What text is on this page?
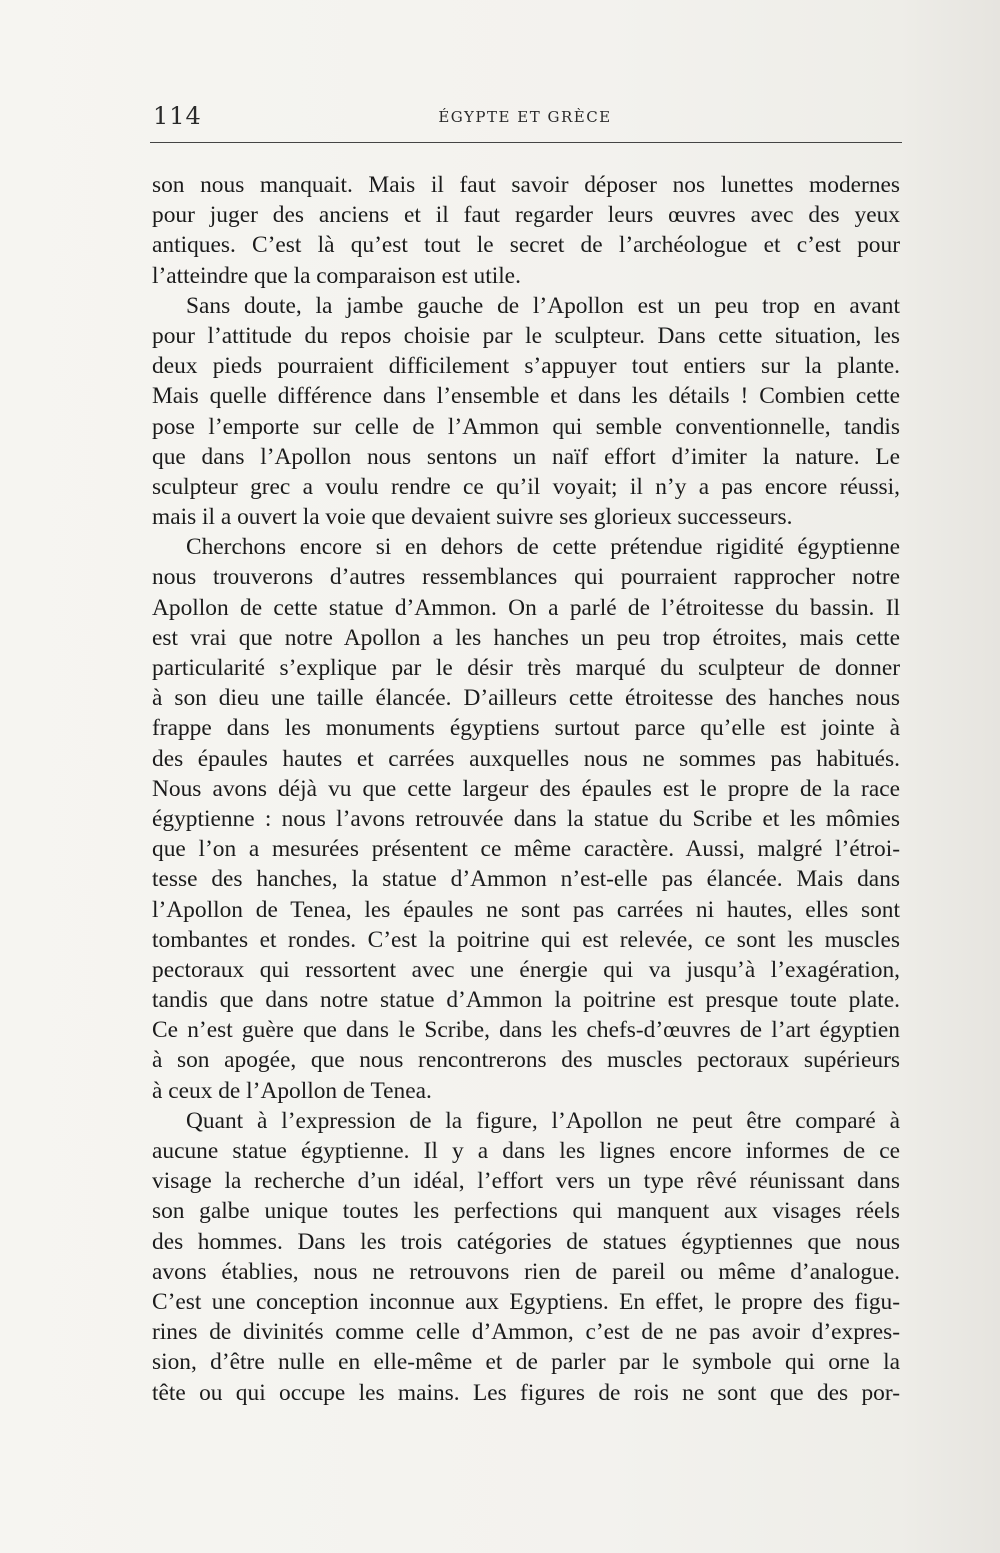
114	ÉGYPTE ET GRÈCE
son nous manquait. Mais il faut savoir déposer nos lunettes modernes
pour juger des anciens et il faut regarder leurs œuvres avec des yeux
antiques. C’est là qu’est tout le secret de l’archéologue et c’est pour
l’atteindre que la comparaison est utile.
Sans doute, la jambe gauche de l’Apollon est un peu trop en avant
pour l’attitude du repos choisie par le sculpteur. Dans cette situation, les
deux pieds pourraient difficilement s’appuyer tout entiers sur la plante.
Mais quelle différence dans l’ensemble et dans les détails ! Combien cette
pose l’emporte sur celle de l’Ammon qui semble conventionnelle, tandis
que dans l’Apollon nous sentons un naïf effort d’imiter la nature. Le
sculpteur grec a voulu rendre ce qu’il voyait; il n’y a pas encore réussi,
mais il a ouvert la voie que devaient suivre ses glorieux successeurs.
Cherchons encore si en dehors de cette prétendue rigidité égyptienne
nous trouverons d’autres ressemblances qui pourraient rapprocher notre
Apollon de cette statue d’Ammon. On a parlé de l’étroitesse du bassin. Il
est vrai que notre Apollon a les hanches un peu trop étroites, mais cette
particularité s’explique par le désir très marqué du sculpteur de donner
à son dieu une taille élancée. D’ailleurs cette étroitesse des hanches nous
frappe dans les monuments égyptiens surtout parce qu’elle est jointe à
des épaules hautes et carrées auxquelles nous ne sommes pas habitués.
Nous avons déjà vu que cette largeur des épaules est le propre de la race
égyptienne : nous l’avons retrouvée dans la statue du Scribe et les mômies
que l’on a mesurées présentent ce même caractère. Aussi, malgré l’étroi-
tesse des hanches, la statue d’Ammon n’est-elle pas élancée. Mais dans
l’Apollon de Tenea, les épaules ne sont pas carrées ni hautes, elles sont
tombantes et rondes. C’est la poitrine qui est relevée, ce sont les muscles
pectoraux qui ressortent avec une énergie qui va jusqu’à l’exagération,
tandis que dans notre statue d’Ammon la poitrine est presque toute plate.
Ce n’est guère que dans le Scribe, dans les chefs-d’œuvres de l’art égyptien
à son apogée, que nous rencontrerons des muscles pectoraux supérieurs
à ceux de l’Apollon de Tenea.
Quant à l’expression de la figure, l’Apollon ne peut être comparé à
aucune statue égyptienne. Il y a dans les lignes encore informes de ce
visage la recherche d’un idéal, l’effort vers un type rêvé réunissant dans
son galbe unique toutes les perfections qui manquent aux visages réels
des hommes. Dans les trois catégories de statues égyptiennes que nous
avons établies, nous ne retrouvons rien de pareil ou même d’analogue.
C’est une conception inconnue aux Egyptiens. En effet, le propre des figu-
rines de divinités comme celle d’Ammon, c’est de ne pas avoir d’expres-
sion, d’être nulle en elle-même et de parler par le symbole qui orne la
tête ou qui occupe les mains. Les figures de rois ne sont que des por-
